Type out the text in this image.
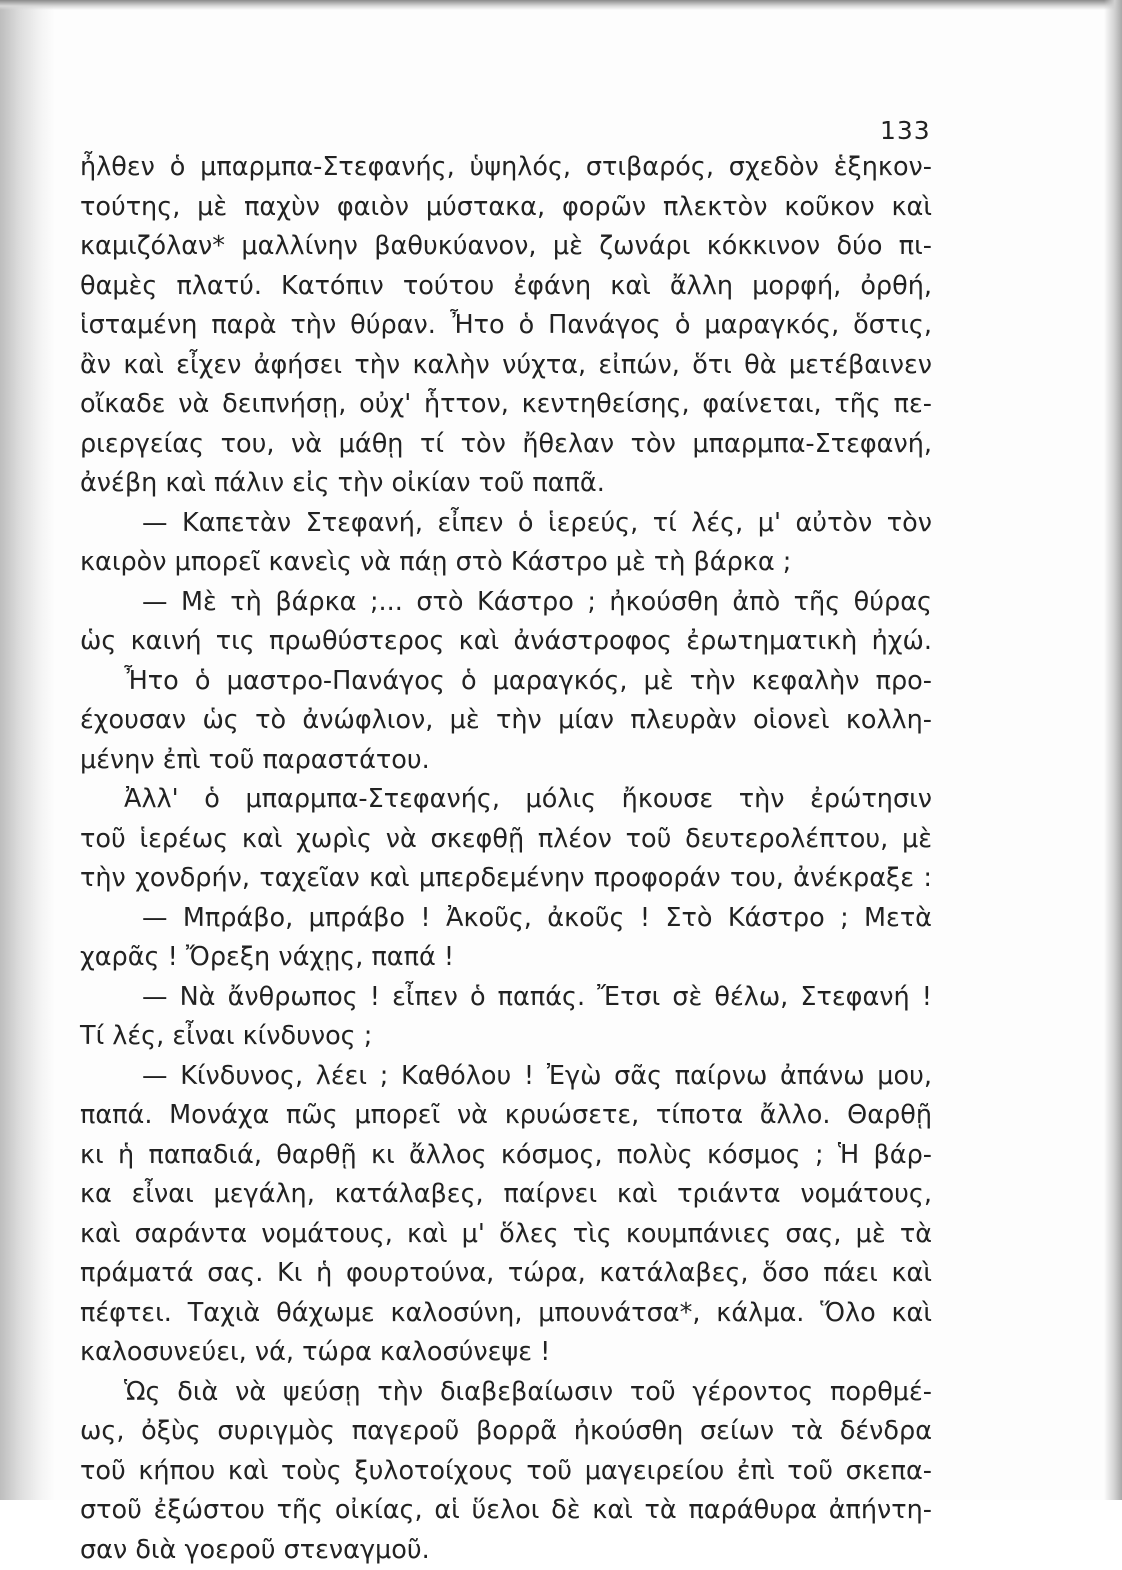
133
ἦλθεν ὁ μπαρμπα-Στεφανής, ὑψηλός, στιβαρός, σχεδὸν ἑξηκον-
τούτης, μὲ παχὺν φαιὸν μύστακα, φορῶν πλεκτὸν κοῦκον καὶ
καμιζόλαν* μαλλίνην βαθυκύανον, μὲ ζωνάρι κόκκινον δύο πι-
θαμὲς πλατύ. Κατόπιν τούτου ἐφάνη καὶ ἄλλη μορφή, ὀρθή,
ἱσταμένη παρὰ τὴν θύραν. Ἦτο ὁ Πανάγος ὁ μαραγκός, ὅστις,
ἂν καὶ εἶχεν ἀφήσει τὴν καλὴν νύχτα, εἰπών, ὅτι θὰ μετέβαινεν
οἴκαδε νὰ δειπνήσῃ, οὐχ' ἧττον, κεντηθείσης, φαίνεται, τῆς πε-
ριεργείας του, νὰ μάθῃ τί τὸν ἤθελαν τὸν μπαρμπα-Στεφανή,
ἀνέβη καὶ πάλιν εἰς τὴν οἰκίαν τοῦ παπᾶ.
— Καπετὰν Στεφανή, εἶπεν ὁ ἱερεύς, τί λές, μ' αὐτὸν τὸν
καιρὸν μπορεῖ κανεὶς νὰ πάῃ στὸ Κάστρο μὲ τὴ βάρκα ;
— Μὲ τὴ βάρκα ;... στὸ Κάστρο ; ἠκούσθη ἀπὸ τῆς θύρας
ὡς καινή τις πρωθύστερος καὶ ἀνάστροφος ἐρωτηματικὴ ἠχώ.
Ἦτο ὁ μαστρο-Πανάγος ὁ μαραγκός, μὲ τὴν κεφαλὴν προ-
έχουσαν ὡς τὸ ἀνώφλιον, μὲ τὴν μίαν πλευρὰν οἱονεὶ κολλη-
μένην ἐπὶ τοῦ παραστάτου.
Ἀλλ' ὁ μπαρμπα-Στεφανής, μόλις ἤκουσε τὴν ἐρώτησιν
τοῦ ἱερέως καὶ χωρὶς νὰ σκεφθῇ πλέον τοῦ δευτερολέπτου, μὲ
τὴν χονδρήν, ταχεῖαν καὶ μπερδεμένην προφοράν του, ἀνέκραξε :
— Μπράβο, μπράβο ! Ἀκοῦς, ἀκοῦς ! Στὸ Κάστρο ; Μετὰ
χαρᾶς ! Ὄρεξη νάχῃς, παπά !
— Νὰ ἄνθρωπος ! εἶπεν ὁ παπάς. Ἔτσι σὲ θέλω, Στεφανή !
Τί λές, εἶναι κίνδυνος ;
— Κίνδυνος, λέει ; Καθόλου ! Ἐγὼ σᾶς παίρνω ἀπάνω μου,
παπά. Μονάχα πῶς μπορεῖ νὰ κρυώσετε, τίποτα ἄλλο. Θαρθῇ
κι ἡ παπαδιά, θαρθῇ κι ἄλλος κόσμος, πολὺς κόσμος ; Ἡ βάρ-
κα εἶναι μεγάλη, κατάλαβες, παίρνει καὶ τριάντα νομάτους,
καὶ σαράντα νομάτους, καὶ μ' ὅλες τὶς κουμπάνιες σας, μὲ τὰ
πράματά σας. Κι ἡ φουρτούνα, τώρα, κατάλαβες, ὅσο πάει καὶ
πέφτει. Ταχιὰ θάχωμε καλοσύνη, μπουνάτσα*, κάλμα. Ὅλο καὶ
καλοσυνεύει, νά, τώρα καλοσύνεψε !
Ὡς διὰ νὰ ψεύσῃ τὴν διαβεβαίωσιν τοῦ γέροντος πορθμέ-
ως, ὀξὺς συριγμὸς παγεροῦ βορρᾶ ἠκούσθη σείων τὰ δένδρα
τοῦ κήπου καὶ τοὺς ξυλοτοίχους τοῦ μαγειρείου ἐπὶ τοῦ σκεπα-
στοῦ ἐξώστου τῆς οἰκίας, αἱ ὕελοι δὲ καὶ τὰ παράθυρα ἀπήντη-
σαν διὰ γοεροῦ στεναγμοῦ.
